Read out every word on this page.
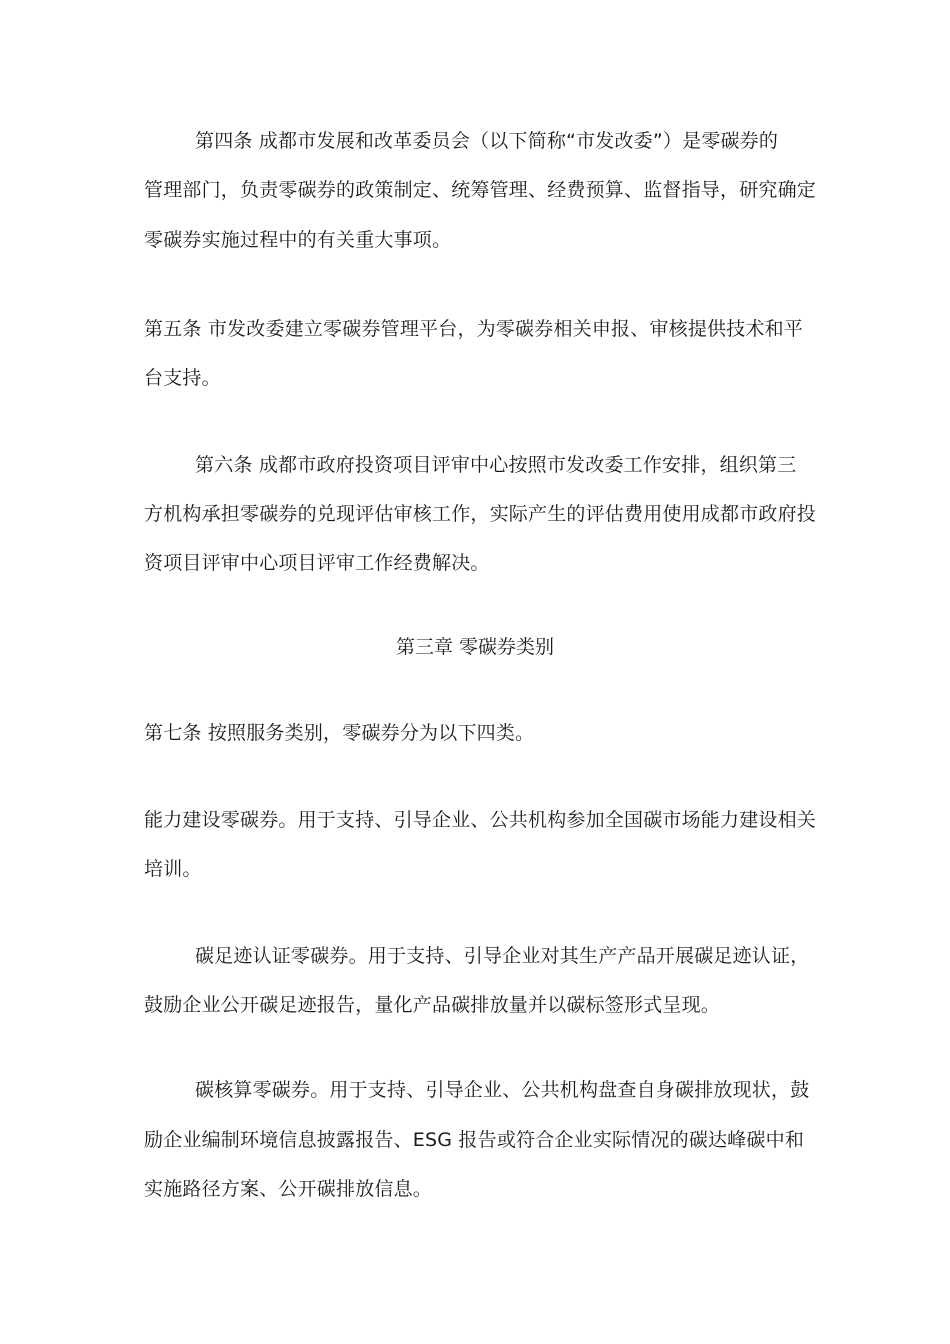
第四条 成都市发展和改革委员会（以下简称“市发改委”）是零碳券的
管理部门，负责零碳券的政策制定、统筹管理、经费预算、监督指导，研究确定
零碳券实施过程中的有关重大事项。
第五条 市发改委建立零碳券管理平台，为零碳券相关申报、审核提供技术和平
台支持。
第六条 成都市政府投资项目评审中心按照市发改委工作安排，组织第三
方机构承担零碳券的兑现评估审核工作，实际产生的评估费用使用成都市政府投
资项目评审中心项目评审工作经费解决。
第三章 零碳券类别
第七条 按照服务类别，零碳券分为以下四类。
能力建设零碳券。用于支持、引导企业、公共机构参加全国碳市场能力建设相关
培训。
碳足迹认证零碳券。用于支持、引导企业对其生产产品开展碳足迹认证，
鼓励企业公开碳足迹报告，量化产品碳排放量并以碳标签形式呈现。
碳核算零碳券。用于支持、引导企业、公共机构盘查自身碳排放现状，鼓
励企业编制环境信息披露报告、ESG 报告或符合企业实际情况的碳达峰碳中和
实施路径方案、公开碳排放信息。
